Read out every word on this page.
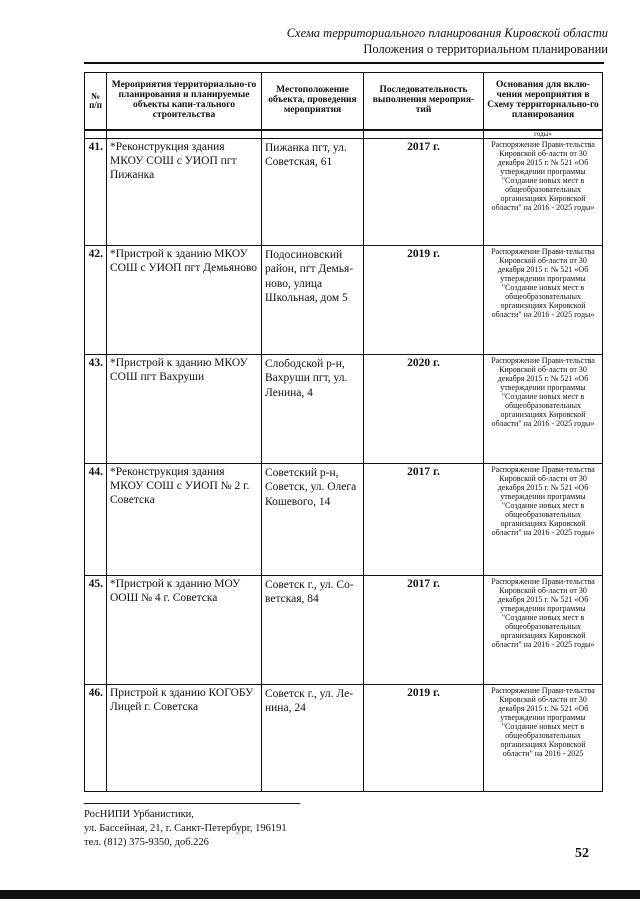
Схема территориального планирования Кировской области
Положения о территориальном планировании
№ п/п	Мероприятия территориально-го планирования и планируемые объекты капи-тального строительства	Местоположение объекта, проведения мероприятия	Последовательность выполнения мероприя-тий	Основания для вклю-чения мероприятия в Схему территориально-го планирования
				годы»
41.	*Реконструкция здания МКОУ СОШ с УИОП пгт Пижанка	Пижанка пгт, ул. Советская, 61	2017 г.	Распоряжение Прави-тельства Кировской об-ласти от 30 декабря 2015 г. № 521 «Об утверждении программы "Создание новых мест в общеобразовательных организациях Кировской области" на 2016 - 2025 годы»
42.	*Пристрой к зданию МКОУ СОШ с УИОП пгт Демьяново	Подосиновский район, пгт Демья-ново, улица Школьная, дом 5	2019 г.	Распоряжение Прави-тельства Кировской об-ласти от 30 декабря 2015 г. № 521 «Об утверждении программы "Создание новых мест в общеобразовательных организациях Кировской области" на 2016 - 2025 годы»
43.	*Пристрой к зданию МКОУ СОШ пгт Вахруши	Слободской р-н, Вахруши пгт, ул. Ленина, 4	2020 г.	Распоряжение Прави-тельства Кировской об-ласти от 30 декабря 2015 г. № 521 «Об утверждении программы "Создание новых мест в общеобразовательных организациях Кировской области" на 2016 - 2025 годы»
44.	*Реконструкция здания МКОУ СОШ с УИОП № 2 г. Советска	Советский р-н, Советск, ул. Олега Кошевого, 14	2017 г.	Распоряжение Прави-тельства Кировской об-ласти от 30 декабря 2015 г. № 521 «Об утверждении программы "Создание новых мест в общеобразовательных организациях Кировской области" на 2016 - 2025 годы»
45.	*Пристрой к зданию МОУ ООШ № 4 г. Советска	Советск г., ул. Со-ветская, 84	2017 г.	Распоряжение Прави-тельства Кировской об-ласти от 30 декабря 2015 г. № 521 «Об утверждении программы "Создание новых мест в общеобразовательных организациях Кировской области" на 2016 - 2025 годы»
46.	Пристрой к зданию КОГОБУ Лицей г. Советска	Советск г., ул. Ле-нина, 24	2019 г.	Распоряжение Прави-тельства Кировской об-ласти от 30 декабря 2015 г. № 521 «Об утверждении программы "Создание новых мест в общеобразовательных организациях Кировской области" на 2016 - 2025
РосНИПИ Урбанистики,
ул. Бассейная, 21, г. Санкт-Петербург, 196191
тел. (812) 375-9350, доб.226
52
